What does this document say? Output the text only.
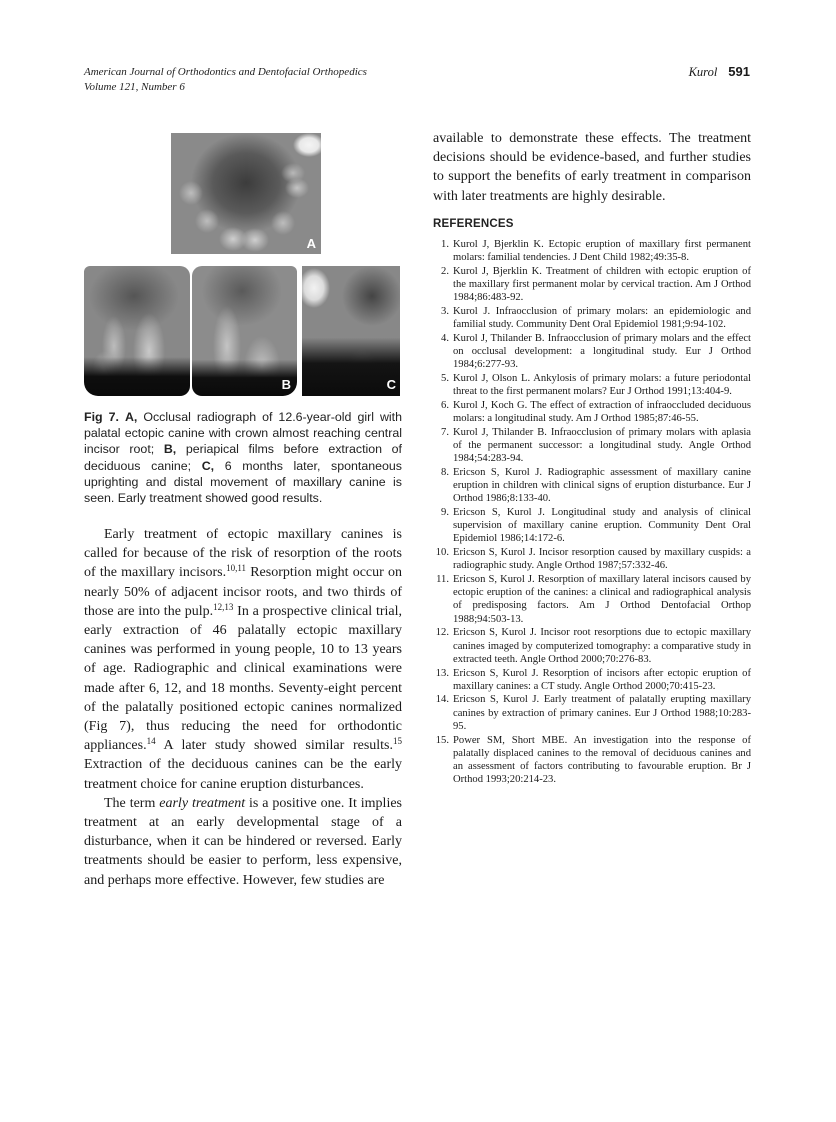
American Journal of Orthodontics and Dentofacial Orthopedics
Volume 121, Number 6
Kurol 591
A
B	C
Fig 7. A, Occlusal radiograph of 12.6-year-old girl with palatal ectopic canine with crown almost reaching central incisor root; B, periapical films before extraction of deciduous canine; C, 6 months later, spontaneous uprighting and distal movement of maxillary canine is seen. Early treatment showed good results.

Early treatment of ectopic maxillary canines is called for because of the risk of resorption of the roots of the maxillary incisors.$^{10,11}$ Resorption might occur on nearly 50% of adjacent incisor roots, and two thirds of those are into the pulp.$^{12,13}$ In a prospective clinical trial, early extraction of 46 palatally ectopic maxillary canines was performed in young people, 10 to 13 years of age. Radiographic and clinical examinations were made after 6, 12, and 18 months. Seventy-eight percent of the palatally positioned ectopic canines normalized (Fig 7), thus reducing the need for orthodontic appliances.$^{14}$ A later study showed similar results.$^{15}$ Extraction of the deciduous canines can be the early treatment choice for canine eruption disturbances.

The term early treatment is a positive one. It implies treatment at an early developmental stage of a disturbance, when it can be hindered or reversed. Early treatments should be easier to perform, less expensive, and perhaps more effective. However, few studies are

available to demonstrate these effects. The treatment decisions should be evidence-based, and further studies to support the benefits of early treatment in comparison with later treatments are highly desirable.

REFERENCES
1. Kurol J, Bjerklin K. Ectopic eruption of maxillary first permanent molars: familial tendencies. J Dent Child 1982;49:35-8.
2. Kurol J, Bjerklin K. Treatment of children with ectopic eruption of the maxillary first permanent molar by cervical traction. Am J Orthod 1984;86:483-92.
3. Kurol J. Infraocclusion of primary molars: an epidemiologic and familial study. Community Dent Oral Epidemiol 1981;9:94-102.
4. Kurol J, Thilander B. Infraocclusion of primary molars and the effect on occlusal development: a longitudinal study. Eur J Orthod 1984;6:277-93.
5. Kurol J, Olson L. Ankylosis of primary molars: a future periodontal threat to the first permanent molars? Eur J Orthod 1991;13:404-9.
6. Kurol J, Koch G. The effect of extraction of infraoccluded deciduous molars: a longitudinal study. Am J Orthod 1985;87:46-55.
7. Kurol J, Thilander B. Infraocclusion of primary molars with aplasia of the permanent successor: a longitudinal study. Angle Orthod 1984;54:283-94.
8. Ericson S, Kurol J. Radiographic assessment of maxillary canine eruption in children with clinical signs of eruption disturbance. Eur J Orthod 1986;8:133-40.
9. Ericson S, Kurol J. Longitudinal study and analysis of clinical supervision of maxillary canine eruption. Community Dent Oral Epidemiol 1986;14:172-6.
10. Ericson S, Kurol J. Incisor resorption caused by maxillary cuspids: a radiographic study. Angle Orthod 1987;57:332-46.
11. Ericson S, Kurol J. Resorption of maxillary lateral incisors caused by ectopic eruption of the canines: a clinical and radiographical analysis of predisposing factors. Am J Orthod Dentofacial Orthop 1988;94:503-13.
12. Ericson S, Kurol J. Incisor root resorptions due to ectopic maxillary canines imaged by computerized tomography: a comparative study in extracted teeth. Angle Orthod 2000;70:276-83.
13. Ericson S, Kurol J. Resorption of incisors after ectopic eruption of maxillary canines: a CT study. Angle Orthod 2000;70:415-23.
14. Ericson S, Kurol J. Early treatment of palatally erupting maxillary canines by extraction of primary canines. Eur J Orthod 1988;10:283-95.
15. Power SM, Short MBE. An investigation into the response of palatally displaced canines to the removal of deciduous canines and an assessment of factors contributing to favourable eruption. Br J Orthod 1993;20:214-23.
